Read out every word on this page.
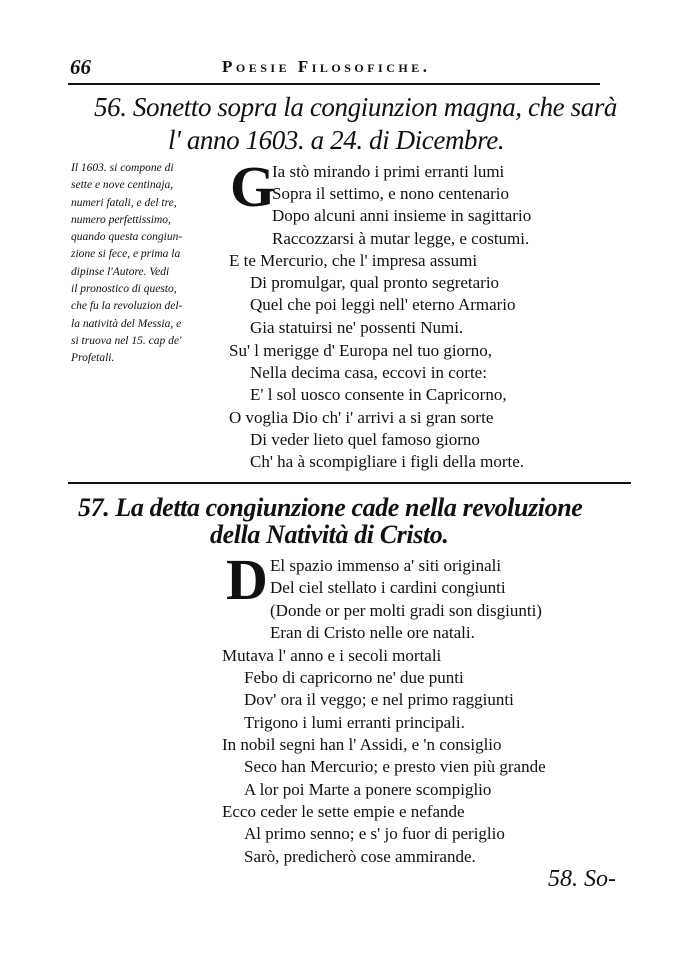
66	Poesie Filosofiche.
56. Sonetto sopra la congiunzion magna, che sarà
l' anno 1603. a 24. di Dicembre.
Il 1603. si compone di
sette e nove centinaja,
numeri fatali, e del tre,
numero perfettissimo,
quando questa congiun-
zione si fece, e prima la
dipinse l'Autore. Vedi
il pronostico di questo,
che fu la revoluzion del-
la natività del Messia, e
si truova nel 15. cap de'
Profetali.
G
Ia stò mirando i primi erranti lumi
Sopra il settimo, e nono centenario
Dopo alcuni anni insieme in sagittario
Raccozzarsi à mutar legge, e costumi.
E te Mercurio, che l' impresa assumi
Di promulgar, qual pronto segretario
Quel che poi leggi nell' eterno Armario
Gia statuirsi ne' possenti Numi.
Su' l merigge d' Europa nel tuo giorno,
Nella decima casa, eccovi in corte:
E' l sol uosco consente in Capricorno,
O voglia Dio ch' i' arrivi a si gran sorte
Di veder lieto quel famoso giorno
Ch' ha à scompigliare i figli della morte.
57. La detta congiunzione cade nella revoluzione
della Natività di Cristo.
D El spazio immenso a' siti originali
Del ciel stellato i cardini congiunti
(Donde or per molti gradi son disgiunti)
Eran di Cristo nelle ore natali.
Mutava l' anno e i secoli mortali
Febo di capricorno ne' due punti
Dov' ora il veggo; e nel primo raggiunti
Trigono i lumi erranti principali.
In nobil segni han l' Assidi, e 'n consiglio
Seco han Mercurio; e presto vien più grande
A lor poi Marte a ponere scompiglio
Ecco ceder le sette empie e nefande
Al primo senno; e s' jo fuor di periglio
Sarò, predicherò cose ammirande.
58. So-
